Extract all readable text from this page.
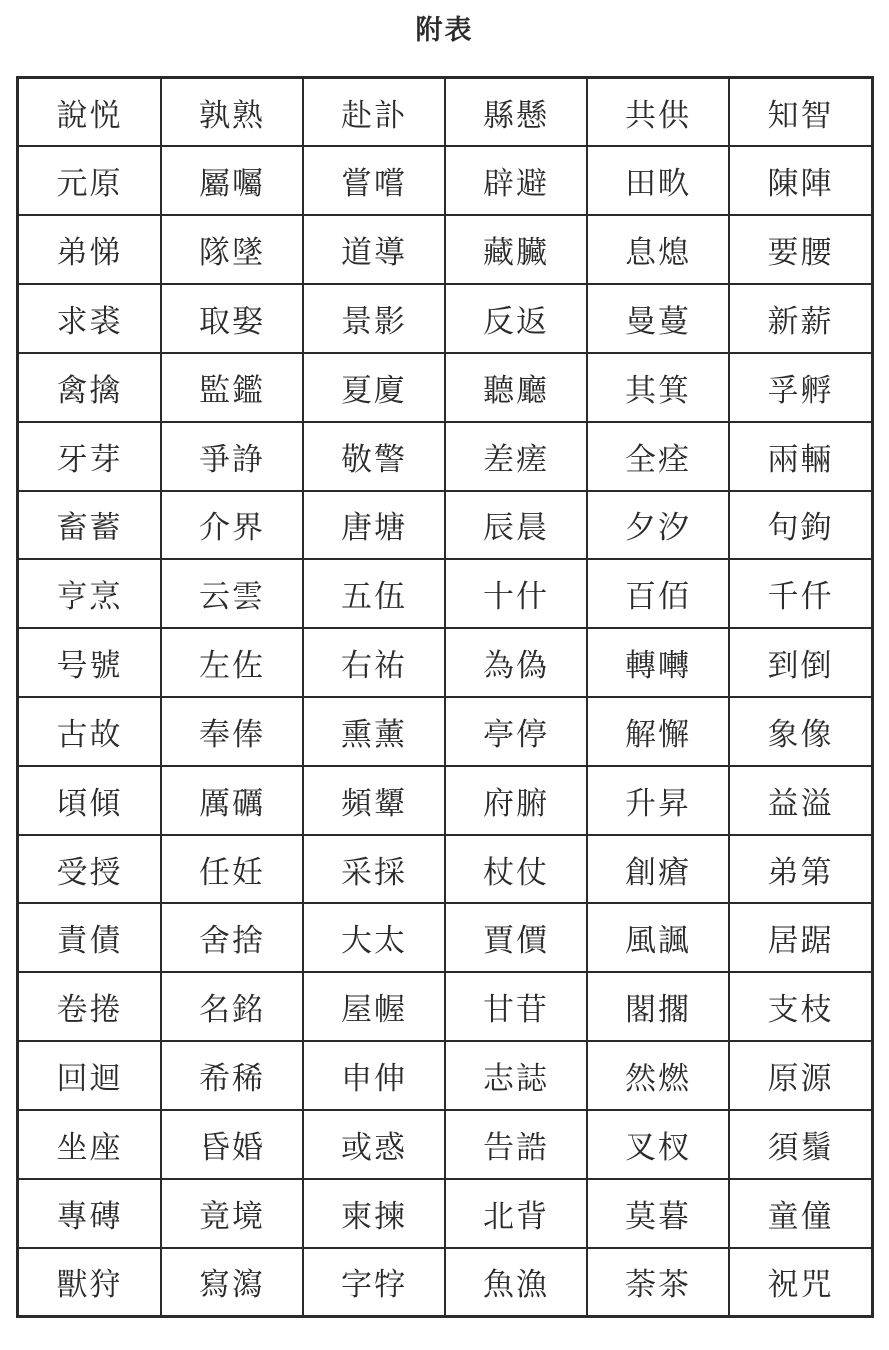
附表
說悦	孰熟	赴訃	縣懸	共供	知智
元原	屬囑	嘗嚐	辟避	田畂	陳陣
弟悌	隊墜	道導	藏臟	息熄	要腰
求裘	取娶	景影	反返	曼蔓	新薪
禽擒	監鑑	夏廈	聽廳	其箕	孚孵
牙芽	爭諍	敬警	差瘥	全痊	兩輛
畜蓄	介界	唐塘	辰晨	夕汐	句鉤
亨烹	云雲	五伍	十什	百佰	千仟
号號	左佐	右祐	為偽	轉囀	到倒
古故	奉俸	熏薰	亭停	解懈	象像
頃傾	厲礪	頻顰	府腑	升昇	益溢
受授	任妊	采採	杖仗	創瘡	弟第
責債	舍捨	大太	賈價	風諷	居踞
卷捲	名銘	屋幄	甘苷	閣擱	支枝
回迴	希稀	申伸	志誌	然燃	原源
坐座	昏婚	或惑	告誥	叉杈	須鬚
專磚	竟境	柬揀	北背	莫暮	童僮
獸狩	寫瀉	字牸	魚漁	荼茶	祝咒
